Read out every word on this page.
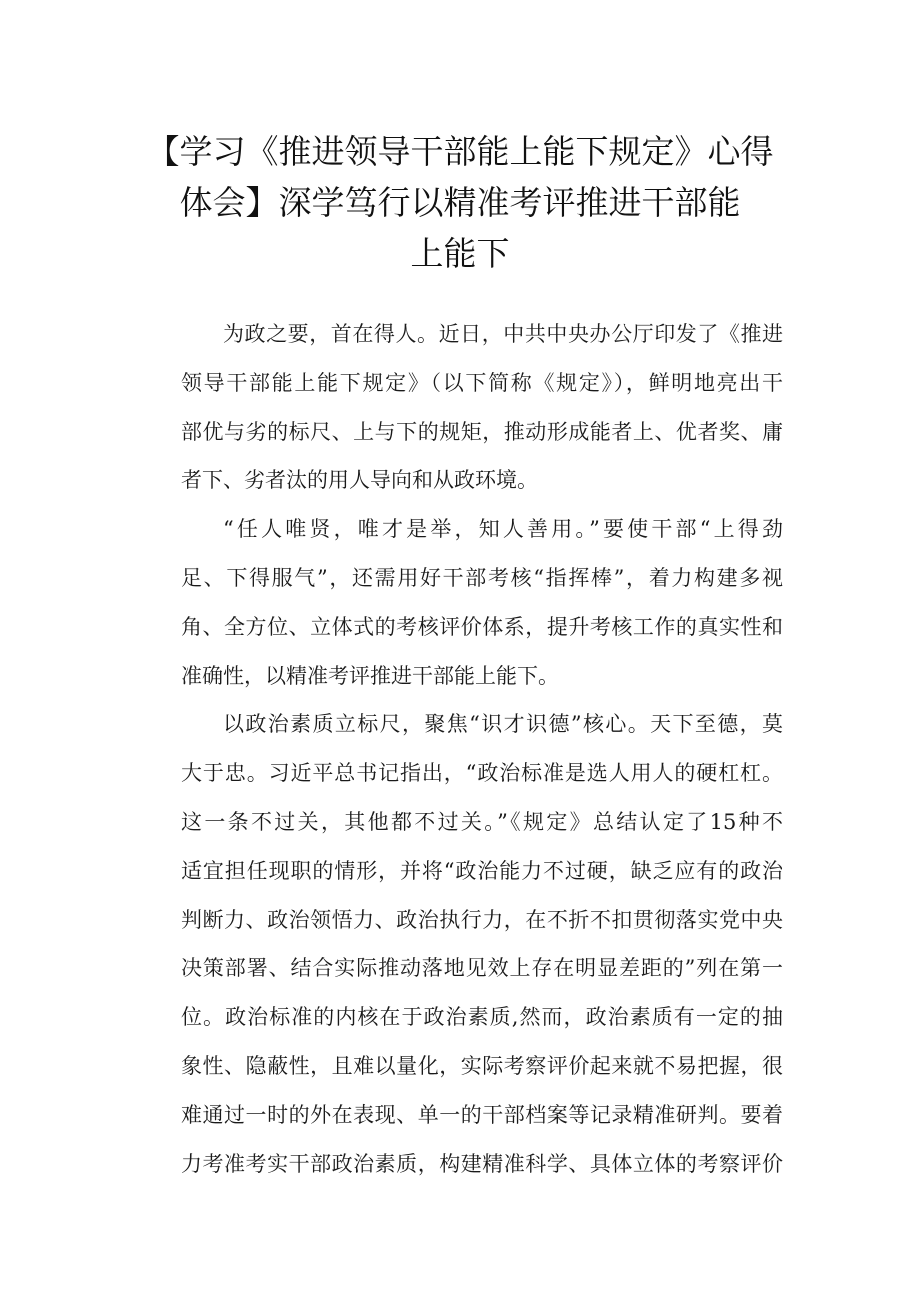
【学习《推进领导干部能上能下规定》心得
体会】深学笃行以精准考评推进干部能
上能下
为政之要，首在得人。近日，中共中央办公厅印发了《推进
领导干部能上能下规定》（以下简称《规定》），鲜明地亮出干
部优与劣的标尺、上与下的规矩，推动形成能者上、优者奖、庸
者下、劣者汰的用人导向和从政环境。
“任人唯贤，唯才是举，知人善用。”要使干部“上得劲
足、下得服气”，还需用好干部考核“指挥棒”，着力构建多视
角、全方位、立体式的考核评价体系，提升考核工作的真实性和
准确性，以精准考评推进干部能上能下。
以政治素质立标尺，聚焦“识才识德”核心。天下至德，莫
大于忠。习近平总书记指出，“政治标准是选人用人的硬杠杠。
这一条不过关，其他都不过关。”《规定》总结认定了15种不
适宜担任现职的情形，并将“政治能力不过硬，缺乏应有的政治
判断力、政治领悟力、政治执行力，在不折不扣贯彻落实党中央
决策部署、结合实际推动落地见效上存在明显差距的”列在第一
位。政治标准的内核在于政治素质,然而，政治素质有一定的抽
象性、隐蔽性，且难以量化，实际考察评价起来就不易把握，很
难通过一时的外在表现、单一的干部档案等记录精准研判。要着
力考准考实干部政治素质，构建精准科学、具体立体的考察评价
